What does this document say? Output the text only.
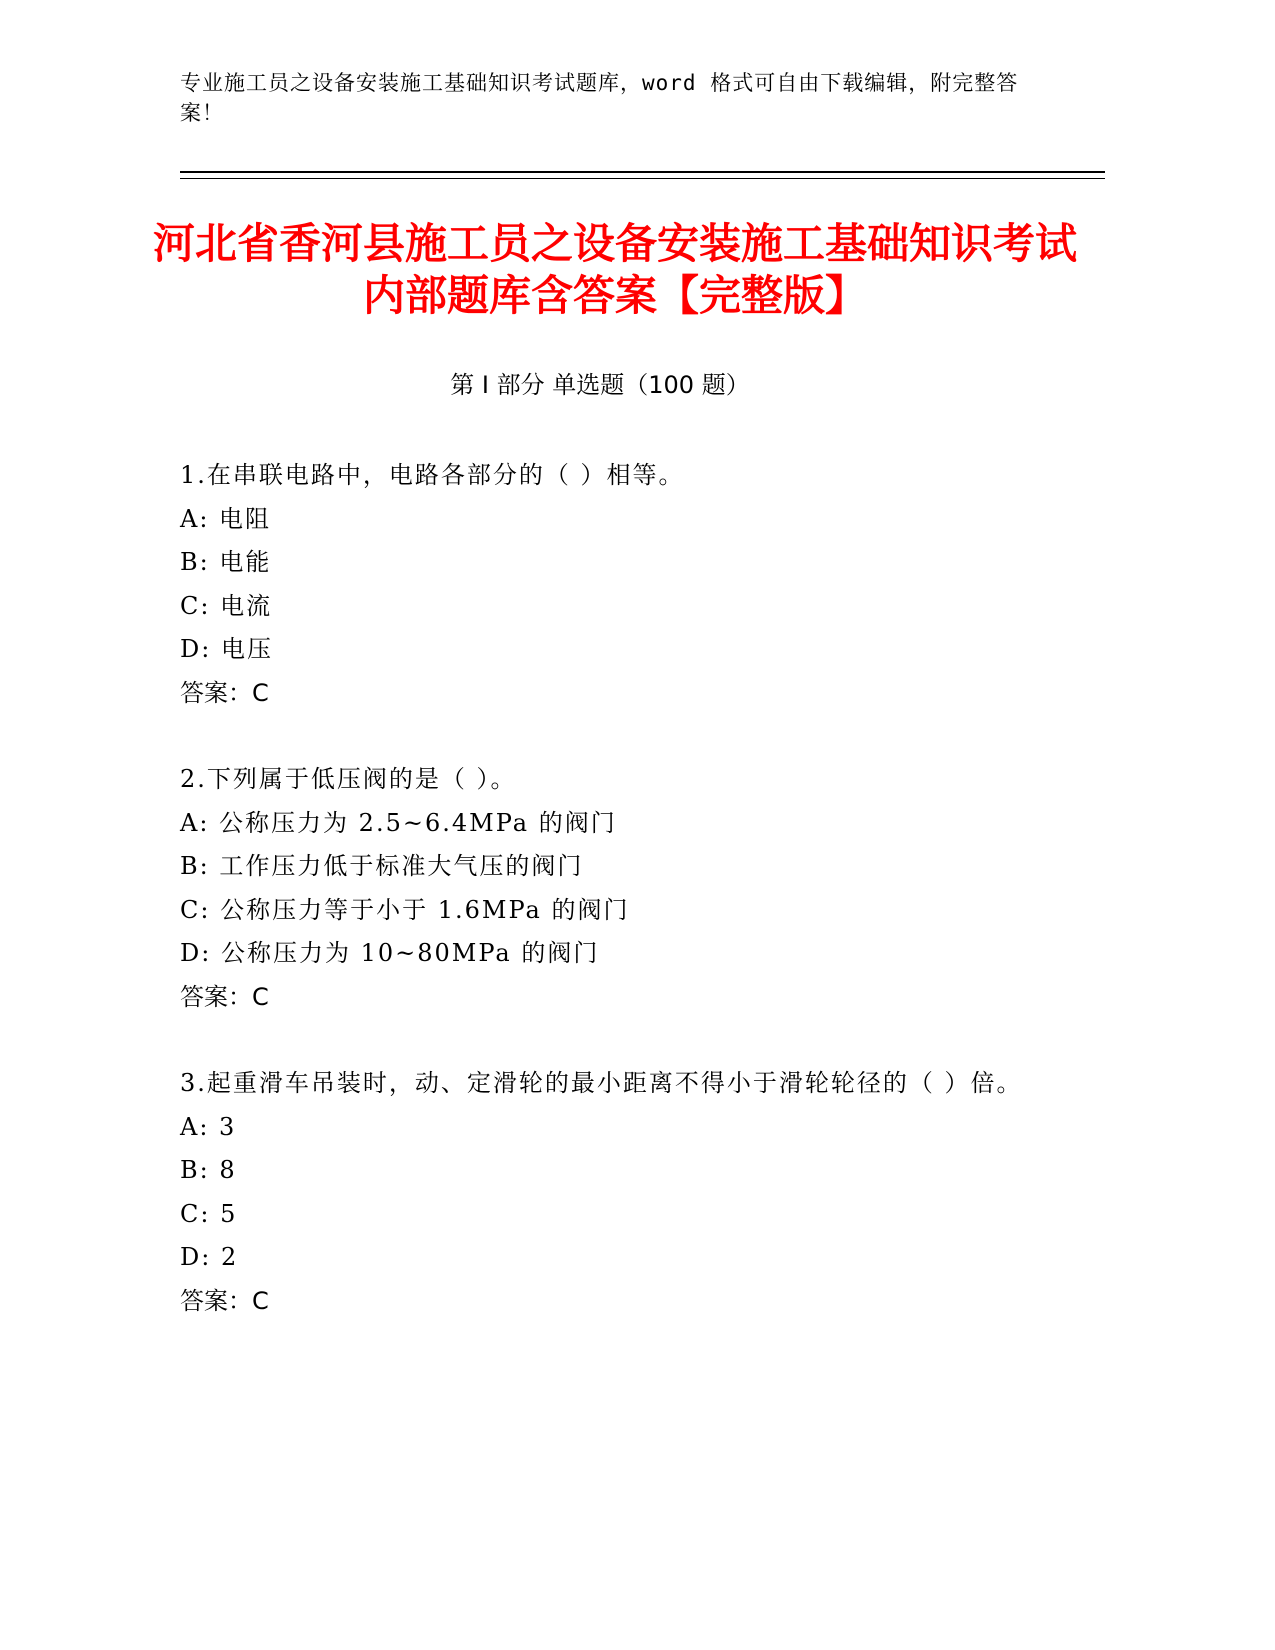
专业施工员之设备安装施工基础知识考试题库，word 格式可自由下载编辑，附完整答案！
河北省香河县施工员之设备安装施工基础知识考试内部题库含答案【完整版】
第 I 部分 单选题（100 题）
1.在串联电路中，电路各部分的（ ）相等。
A: 电阻
B: 电能
C: 电流
D: 电压
答案：C
2.下列属于低压阀的是（ ）。
A: 公称压力为 2.5~6.4MPa 的阀门
B: 工作压力低于标准大气压的阀门
C: 公称压力等于小于 1.6MPa 的阀门
D: 公称压力为 10~80MPa 的阀门
答案：C
3.起重滑车吊装时，动、定滑轮的最小距离不得小于滑轮轮径的（ ）倍。
A: 3
B: 8
C: 5
D: 2
答案：C
